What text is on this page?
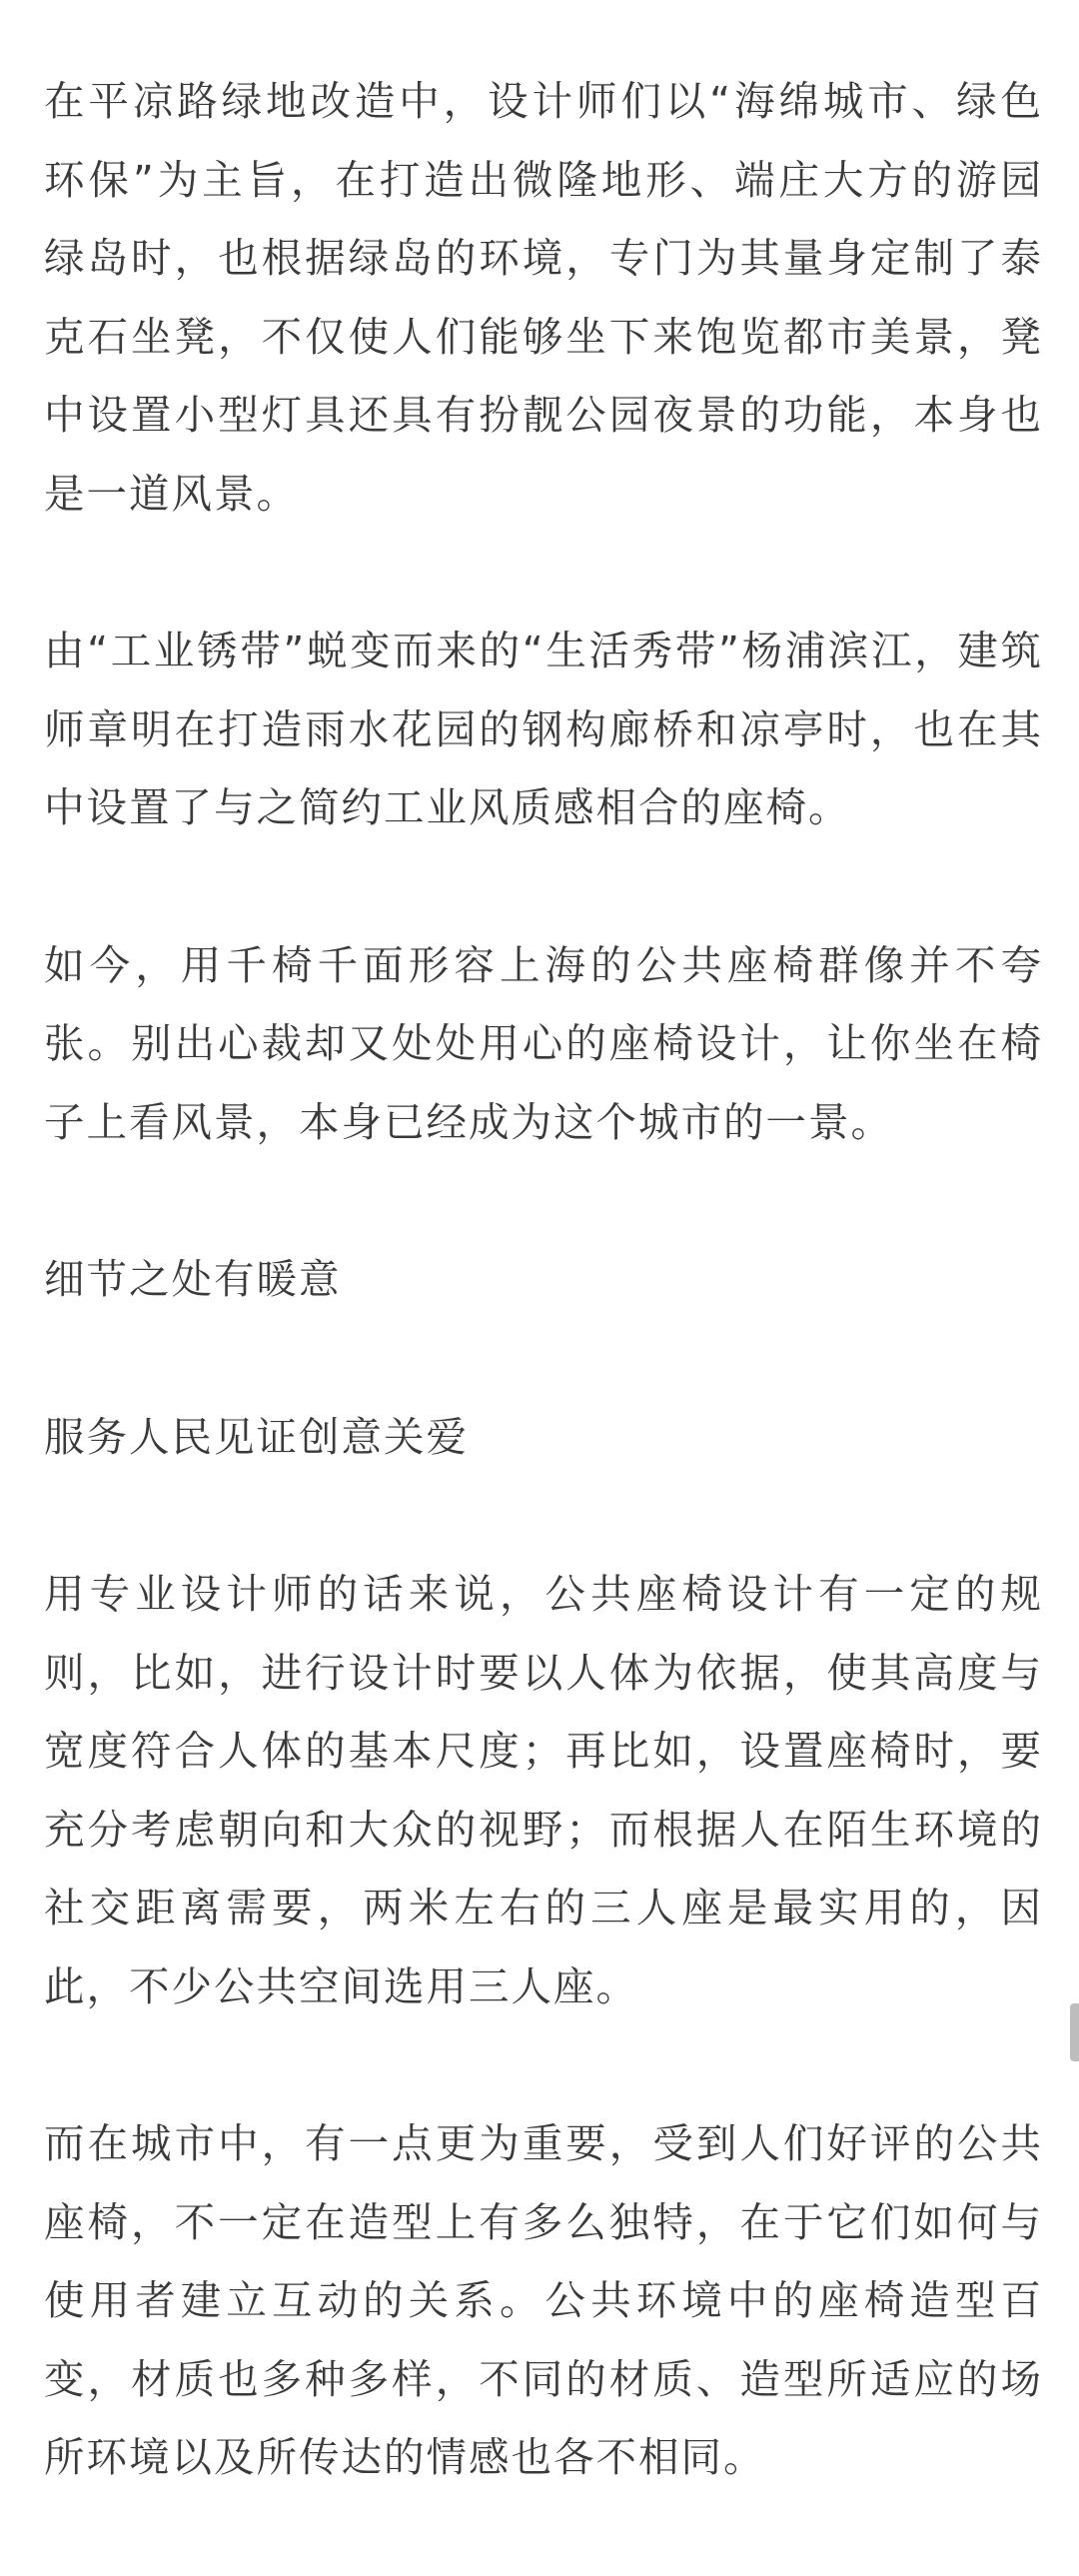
在平凉路绿地改造中，设计师们以“海绵城市、绿色环保”为主旨，在打造出微隆地形、端庄大方的游园绿岛时，也根据绿岛的环境，专门为其量身定制了泰克石坐凳，不仅使人们能够坐下来饱览都市美景，凳中设置小型灯具还具有扮靓公园夜景的功能，本身也是一道风景。

由“工业锈带”蜕变而来的“生活秀带”杨浦滨江，建筑师章明在打造雨水花园的钢构廊桥和凉亭时，也在其中设置了与之简约工业风质感相合的座椅。

如今，用千椅千面形容上海的公共座椅群像并不夸张。别出心裁却又处处用心的座椅设计，让你坐在椅子上看风景，本身已经成为这个城市的一景。

细节之处有暖意

服务人民见证创意关爱

用专业设计师的话来说，公共座椅设计有一定的规则，比如，进行设计时要以人体为依据，使其高度与宽度符合人体的基本尺度；再比如，设置座椅时，要充分考虑朝向和大众的视野；而根据人在陌生环境的社交距离需要，两米左右的三人座是最实用的，因此，不少公共空间选用三人座。

而在城市中，有一点更为重要，受到人们好评的公共座椅，不一定在造型上有多么独特，在于它们如何与使用者建立互动的关系。公共环境中的座椅造型百变，材质也多种多样，不同的材质、造型所适应的场所环境以及所传达的情感也各不相同。
